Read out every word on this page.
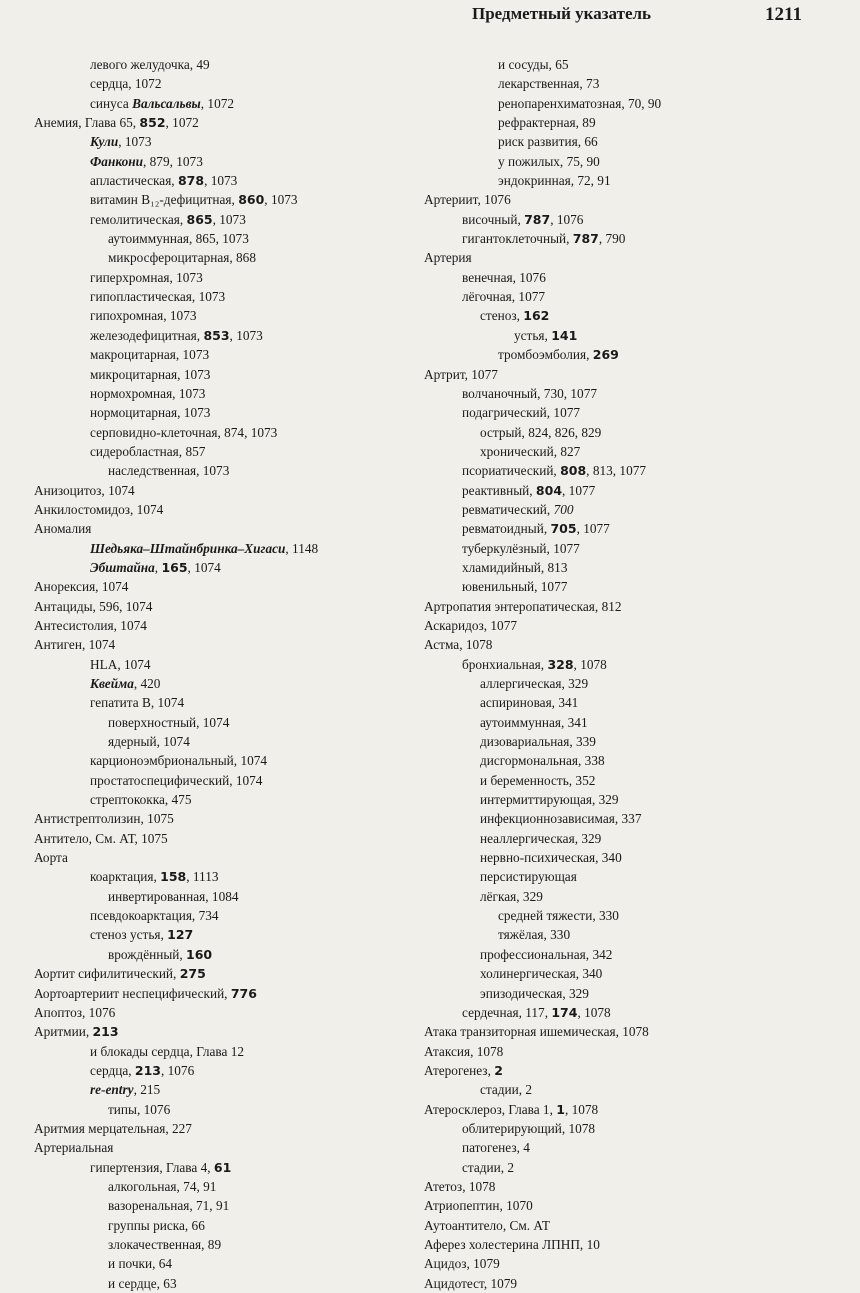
Предметный указатель	1211
левого желудочка, 49
сердца, 1072
синуса Вальсальвы, 1072
Анемия, Глава 65, 852, 1072
Кули, 1073
Фанкони, 879, 1073
апластическая, 878, 1073
витамин B₁₂-дефицитная, 860, 1073
гемолитическая, 865, 1073
аутоиммунная, 865, 1073
микросфероцитарная, 868
гиперхромная, 1073
гипопластическая, 1073
гипохромная, 1073
железодефицитная, 853, 1073
макроцитарная, 1073
микроцитарная, 1073
нормохромная, 1073
нормоцитарная, 1073
серповидно-клеточная, 874, 1073
сидеробластная, 857
наследственная, 1073
Анизоцитоз, 1074
Анкилостомидоз, 1074
Аномалия
Шедьяка–Штайнбринка–Хигаси, 1148
Эбштайна, 165, 1074
Анорексия, 1074
Антациды, 596, 1074
Антесистолия, 1074
Антиген, 1074
HLA, 1074
Квейма, 420
гепатита B, 1074
поверхностный, 1074
ядерный, 1074
карционоэмбриональный, 1074
простатоспецифический, 1074
стрептококка, 475
Антистрептолизин, 1075
Антитело, См. АТ, 1075
Аорта
коарктация, 158, 1113
инвертированная, 1084
псевдокоарктация, 734
стеноз устья, 127
врождённый, 160
Аортит сифилитический, 275
Аортоартериит неспецифический, 776
Апоптоз, 1076
Аритмии, 213
и блокады сердца, Глава 12
сердца, 213, 1076
re-entry, 215
типы, 1076
Аритмия мерцательная, 227
Артериальная
гипертензия, Глава 4, 61
алкогольная, 74, 91
вазоренальная, 71, 91
группы риска, 66
злокачественная, 89
и почки, 64
и сердце, 63
и сосуды, 65
лекарственная, 73
ренопаренхиматозная, 70, 90
рефрактерная, 89
риск развития, 66
у пожилых, 75, 90
эндокринная, 72, 91
Артериит, 1076
височный, 787, 1076
гигантоклеточный, 787, 790
Артерия
венечная, 1076
лёгочная, 1077
стеноз, 162
устья, 141
тромбоэмболия, 269
Артрит, 1077
волчаночный, 730, 1077
подагрический, 1077
острый, 824, 826, 829
хронический, 827
псориатический, 808, 813, 1077
реактивный, 804, 1077
ревматический, 700
ревматоидный, 705, 1077
туберкулёзный, 1077
хламидийный, 813
ювенильный, 1077
Артропатия энтеропатическая, 812
Аскаридоз, 1077
Астма, 1078
бронхиальная, 328, 1078
аллергическая, 329
аспириновая, 341
аутоиммунная, 341
дизовариальная, 339
дисгормональная, 338
и беременность, 352
интермиттирующая, 329
инфекционнозависимая, 337
неаллергическая, 329
нервно-психическая, 340
персистирующая
лёгкая, 329
средней тяжести, 330
тяжёлая, 330
профессиональная, 342
холинергическая, 340
эпизодическая, 329
сердечная, 117, 174, 1078
Атака транзиторная ишемическая, 1078
Атаксия, 1078
Атерогенез, 2
стадии, 2
Атеросклероз, Глава 1, 1, 1078
облитерирующий, 1078
патогенез, 4
стадии, 2
Атетоз, 1078
Атриопептин, 1070
Аутоантитело, См. АТ
Аферез холестерина ЛПНП, 10
Ацидоз, 1079
Ацидотест, 1079
